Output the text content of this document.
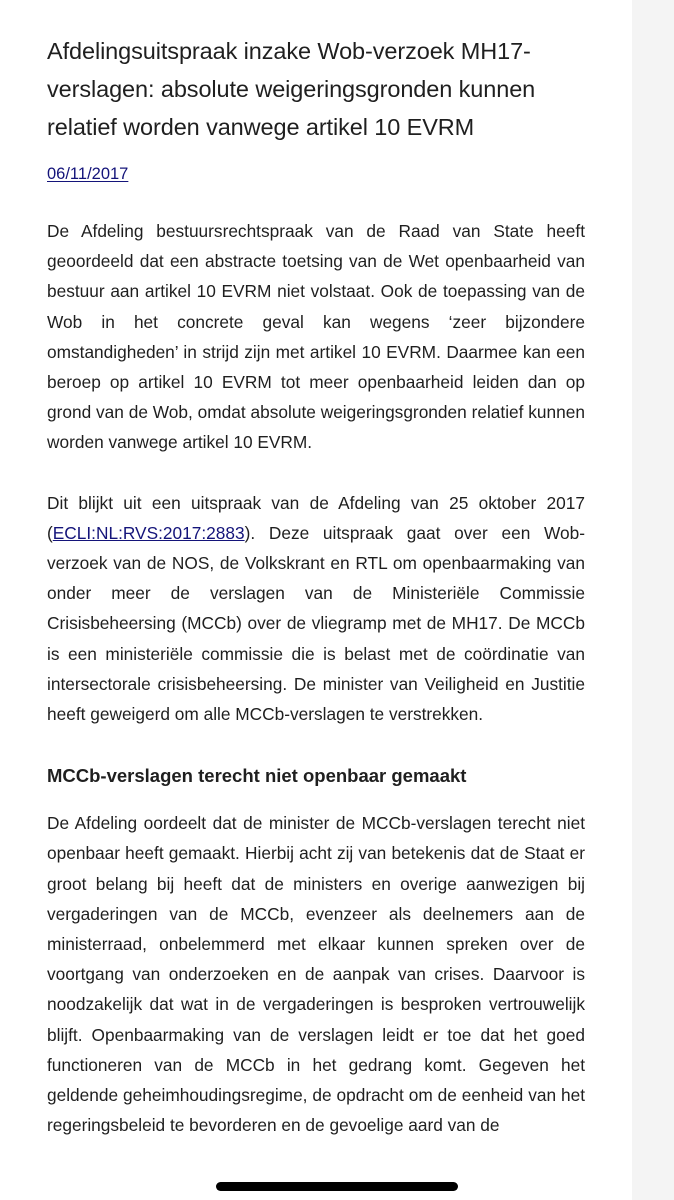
Afdelingsuitspraak inzake Wob-verzoek MH17-verslagen: absolute weigeringsgronden kunnen relatief worden vanwege artikel 10 EVRM
06/11/2017

De Afdeling bestuursrechtspraak van de Raad van State heeft geoordeeld dat een abstracte toetsing van de Wet openbaarheid van bestuur aan artikel 10 EVRM niet volstaat. Ook de toepassing van de Wob in het concrete geval kan wegens ‘zeer bijzondere omstandigheden’ in strijd zijn met artikel 10 EVRM. Daarmee kan een beroep op artikel 10 EVRM tot meer openbaarheid leiden dan op grond van de Wob, omdat absolute weigeringsgronden relatief kunnen worden vanwege artikel 10 EVRM.

Dit blijkt uit een uitspraak van de Afdeling van 25 oktober 2017 (ECLI:NL:RVS:2017:2883). Deze uitspraak gaat over een Wob-verzoek van de NOS, de Volkskrant en RTL om openbaarmaking van onder meer de verslagen van de Ministeriële Commissie Crisisbeheersing (MCCb) over de vliegramp met de MH17. De MCCb is een ministeriële commissie die is belast met de coördinatie van intersectorale crisisbeheersing. De minister van Veiligheid en Justitie heeft geweigerd om alle MCCb-verslagen te verstrekken.

MCCb-verslagen terecht niet openbaar gemaakt

De Afdeling oordeelt dat de minister de MCCb-verslagen terecht niet openbaar heeft gemaakt. Hierbij acht zij van betekenis dat de Staat er groot belang bij heeft dat de ministers en overige aanwezigen bij vergaderingen van de MCCb, evenzeer als deelnemers aan de ministerraad, onbelemmerd met elkaar kunnen spreken over de voortgang van onderzoeken en de aanpak van crises. Daarvoor is noodzakelijk dat wat in de vergaderingen is besproken vertrouwelijk blijft. Openbaarmaking van de verslagen leidt er toe dat het goed functioneren van de MCCb in het gedrang komt. Gegeven het geldende geheimhoudingsregime, de opdracht om de eenheid van het regeringsbeleid te bevorderen en de gevoelige aard van de
